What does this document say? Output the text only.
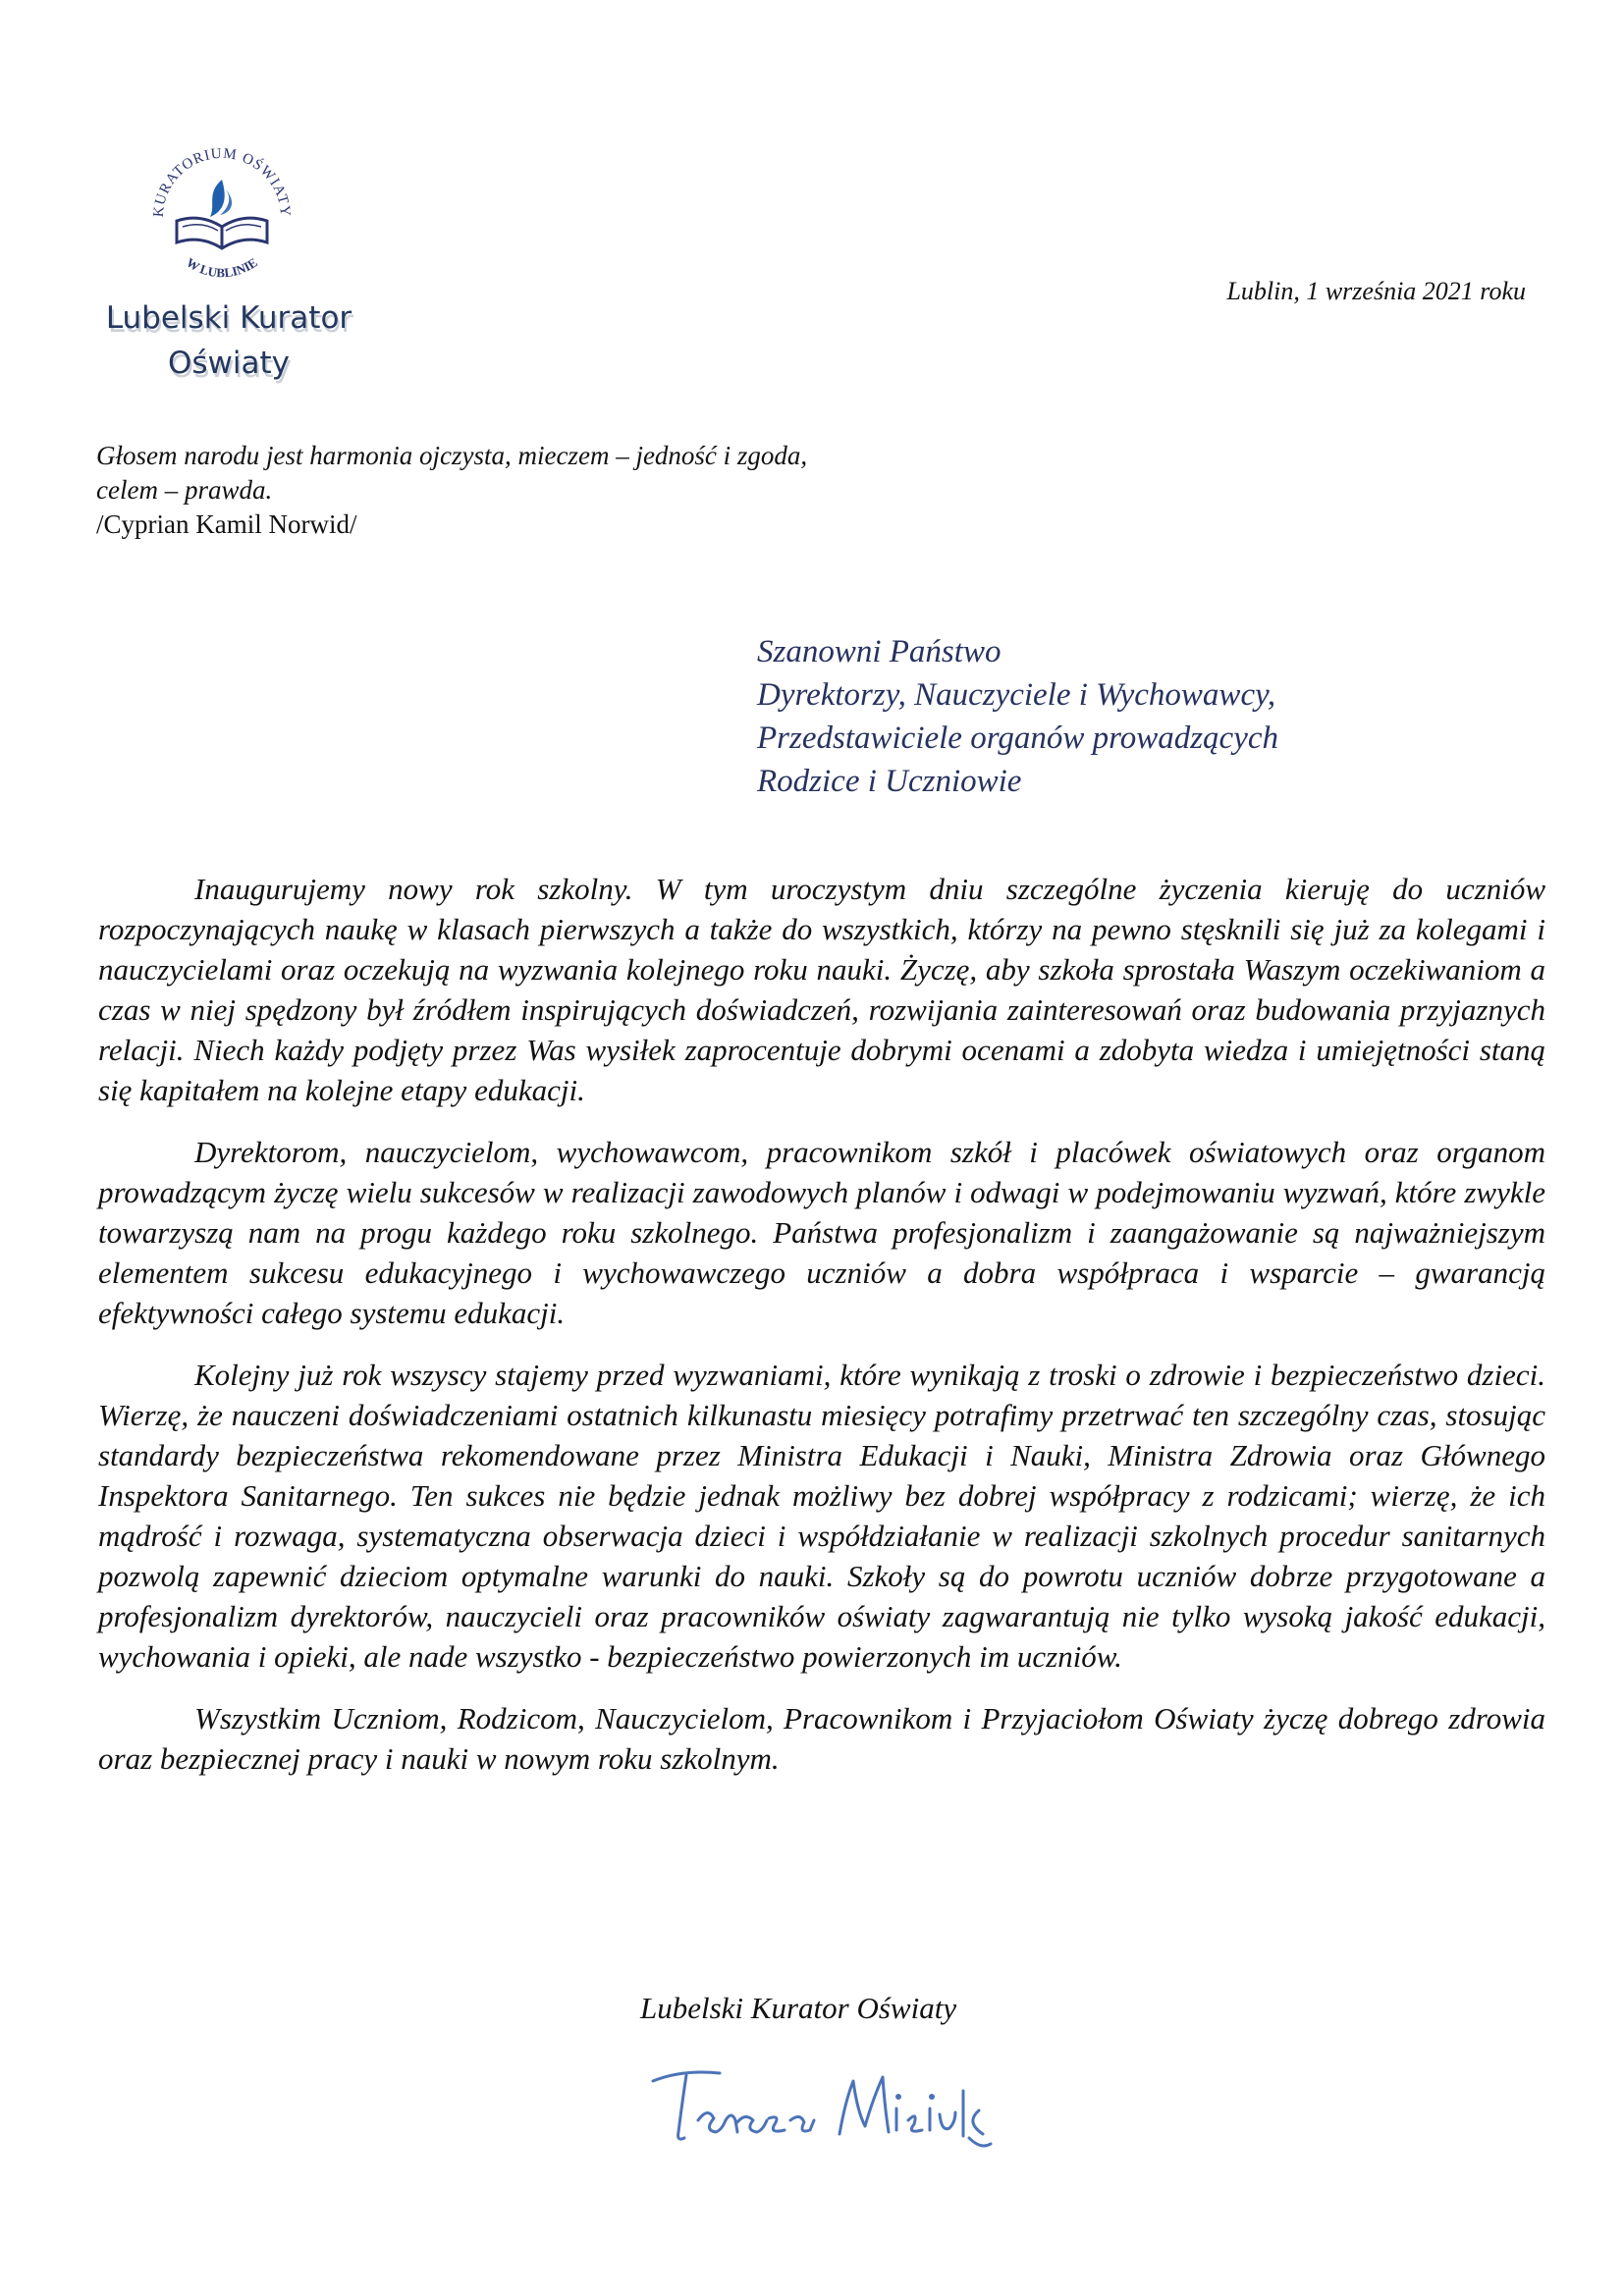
KURATORIUM OŚWIATY
W LUBLINIE
Lubelski Kurator
Oświaty
Lublin, 1 września 2021 roku
Głosem narodu jest harmonia ojczysta, mieczem – jedność i zgoda,
celem – prawda.
/Cyprian Kamil Norwid/
Szanowni Państwo
Dyrektorzy, Nauczyciele i Wychowawcy,
Przedstawiciele organów prowadzących
Rodzice i Uczniowie

Inaugurujemy nowy rok szkolny. W tym uroczystym dniu szczególne życzenia kieruję do uczniów rozpoczynających naukę w klasach pierwszych a także do wszystkich, którzy na pewno stęsknili się już za kolegami i nauczycielami oraz oczekują na wyzwania kolejnego roku nauki. Życzę, aby szkoła sprostała Waszym oczekiwaniom a czas w niej spędzony był źródłem inspirujących doświadczeń, rozwijania zainteresowań oraz budowania przyjaznych relacji. Niech każdy podjęty przez Was wysiłek zaprocentuje dobrymi ocenami a zdobyta wiedza i umiejętności staną się kapitałem na kolejne etapy edukacji.

Dyrektorom, nauczycielom, wychowawcom, pracownikom szkół i placówek oświatowych oraz organom prowadzącym życzę wielu sukcesów w realizacji zawodowych planów i odwagi w podejmowaniu wyzwań, które zwykle towarzyszą nam na progu każdego roku szkolnego. Państwa profesjonalizm i zaangażowanie są najważniejszym elementem sukcesu edukacyjnego i wychowawczego uczniów a dobra współpraca i wsparcie – gwarancją efektywności całego systemu edukacji.

Kolejny już rok wszyscy stajemy przed wyzwaniami, które wynikają z troski o zdrowie i bezpieczeństwo dzieci. Wierzę, że nauczeni doświadczeniami ostatnich kilkunastu miesięcy potrafimy przetrwać ten szczególny czas, stosując standardy bezpieczeństwa rekomendowane przez Ministra Edukacji i Nauki, Ministra Zdrowia oraz Głównego Inspektora Sanitarnego. Ten sukces nie będzie jednak możliwy bez dobrej współpracy z rodzicami; wierzę, że ich mądrość i rozwaga, systematyczna obserwacja dzieci i współdziałanie w realizacji szkolnych procedur sanitarnych pozwolą zapewnić dzieciom optymalne warunki do nauki. Szkoły są do powrotu uczniów dobrze przygotowane a profesjonalizm dyrektorów, nauczycieli oraz pracowników oświaty zagwarantują nie tylko wysoką jakość edukacji, wychowania i opieki, ale nade wszystko - bezpieczeństwo powierzonych im uczniów.

Wszystkim Uczniom, Rodzicom, Nauczycielom, Pracownikom i Przyjaciołom Oświaty życzę dobrego zdrowia oraz bezpiecznej pracy i nauki w nowym roku szkolnym.

Lubelski Kurator Oświaty
